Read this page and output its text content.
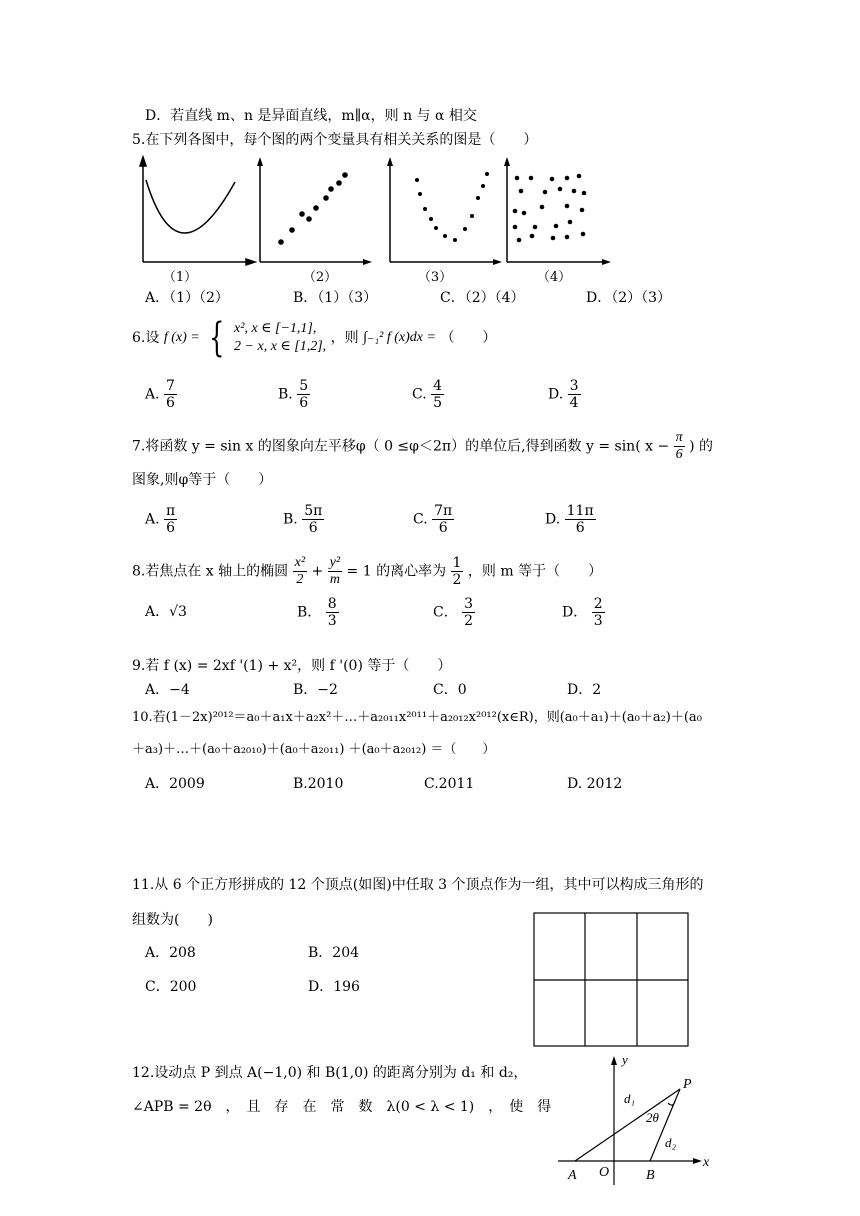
D．若直线 m、n 是异面直线，m∥α，则 n 与 α 相交
5.在下列各图中，每个图的两个变量具有相关关系的图是（　　）
（1）	（2）	（3）	（4）
A．（1）（2）	B．（1）（3）	C．（2）（4）	D．（2）（3）
6.设 f (x) = { x², x ∈ [−1,1],
2 − x, x ∈ [1,2],
，则 ∫₋₁² f (x)dx = （　　）
A. $\frac{7}{6}$	B. $\frac{5}{6}$	C. $\frac{4}{5}$	D. $\frac{3}{4}$
7.将函数 y = sin x 的图象向左平移φ（ 0 ≤φ＜2π）的单位后,得到函数 y = sin( $x - \frac{\pi}{6}$ ) 的
图象,则φ等于（　　）
A. $\frac{\pi}{6}$	B. $\frac{5\pi}{6}$	C. $\frac{7\pi}{6}$	D. $\frac{11\pi}{6}$
8.若焦点在 x 轴上的椭圆 $\frac{\text{x²}}{2} + \frac{\text{y²}}{m} = 1$ 的离心率为 $\frac{1}{2}$ ，则 m 等于（　　）
A．√3	B． $\frac{8}{3}$	C． $\frac{3}{2}$	D． $\frac{2}{3}$
9.若 f (x) = 2xf '(1) + x²，则 f '(0) 等于（　　）
A．−4	B．−2	C．0	D．2
10.若(1－2x)²⁰¹²＝a₀＋a₁x＋a₂x²＋…＋a₂₀₁₁x²⁰¹¹＋a₂₀₁₂x²⁰¹²(x∈R)，则(a₀＋a₁)＋(a₀＋a₂)＋(a₀
＋a₃)＋…＋(a₀＋a₂₀₁₀)＋(a₀＋a₂₀₁₁) ＋(a₀＋a₂₀₁₂) ＝（　　）
A．2009	B.2010	C.2011	D. 2012
11.从 6 个正方形拼成的 12 个顶点(如图)中任取 3 个顶点作为一组，其中可以构成三角形的
组数为(　　)
A．208	B．204
C．200	D．196
12.设动点 P 到点 A(−1,0) 和 B(1,0) 的距离分别为 d₁ 和 d₂，
∠APB = 2θ　，　且　存　在　常　数　λ(0 < λ < 1)　，　使　得
y
P
d₁
2θ
d₂
x
A O	B
